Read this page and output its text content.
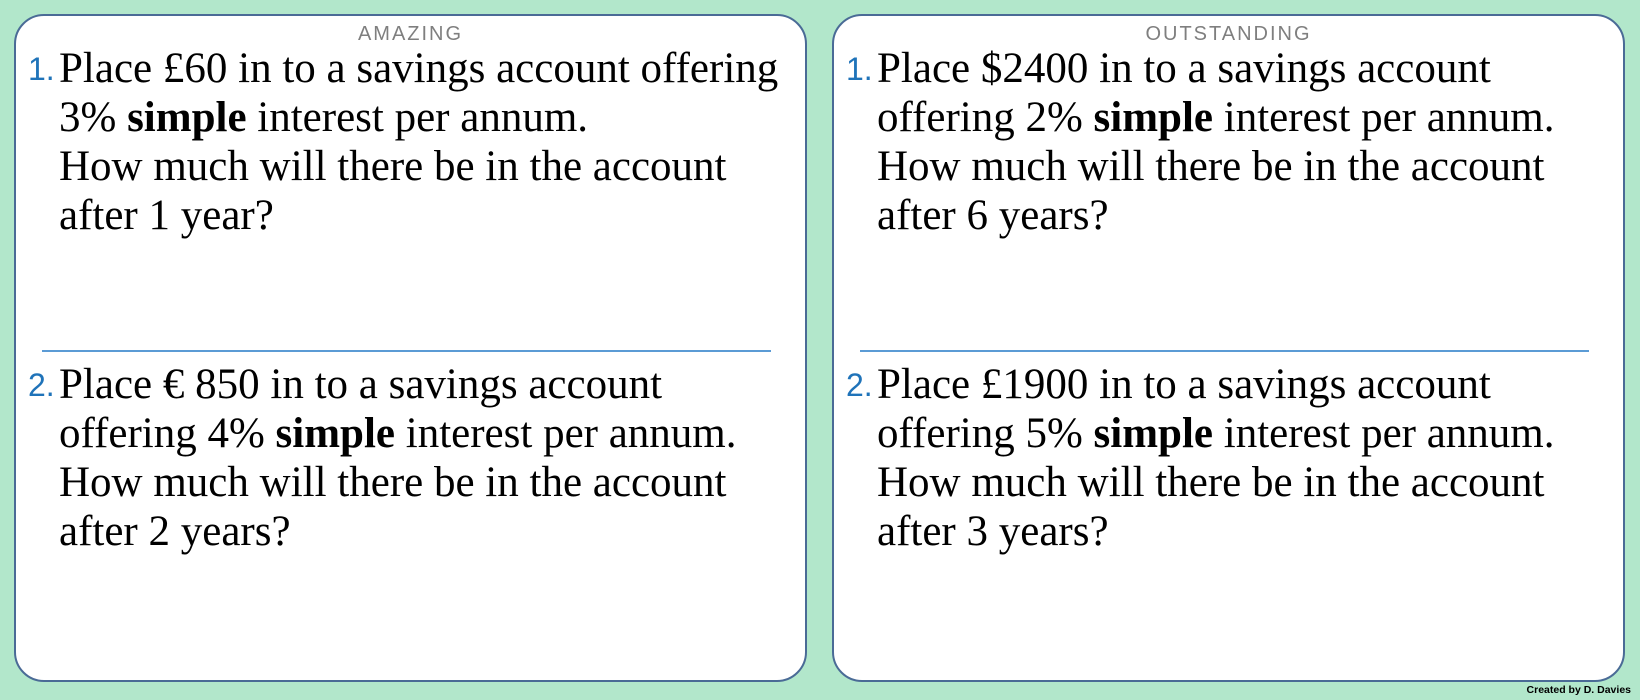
AMAZING
1. Place £60 in to a savings account offering
3% simple interest per annum.
How much will there be in the account
after 1 year?
2. Place € 850 in to a savings account
offering 4% simple interest per annum.
How much will there be in the account
after 2 years?
OUTSTANDING
1. Place $2400 in to a savings account
offering 2% simple interest per annum.
How much will there be in the account
after 6 years?
2. Place £1900 in to a savings account
offering 5% simple interest per annum.
How much will there be in the account
after 3 years?
Created by D. Davies
